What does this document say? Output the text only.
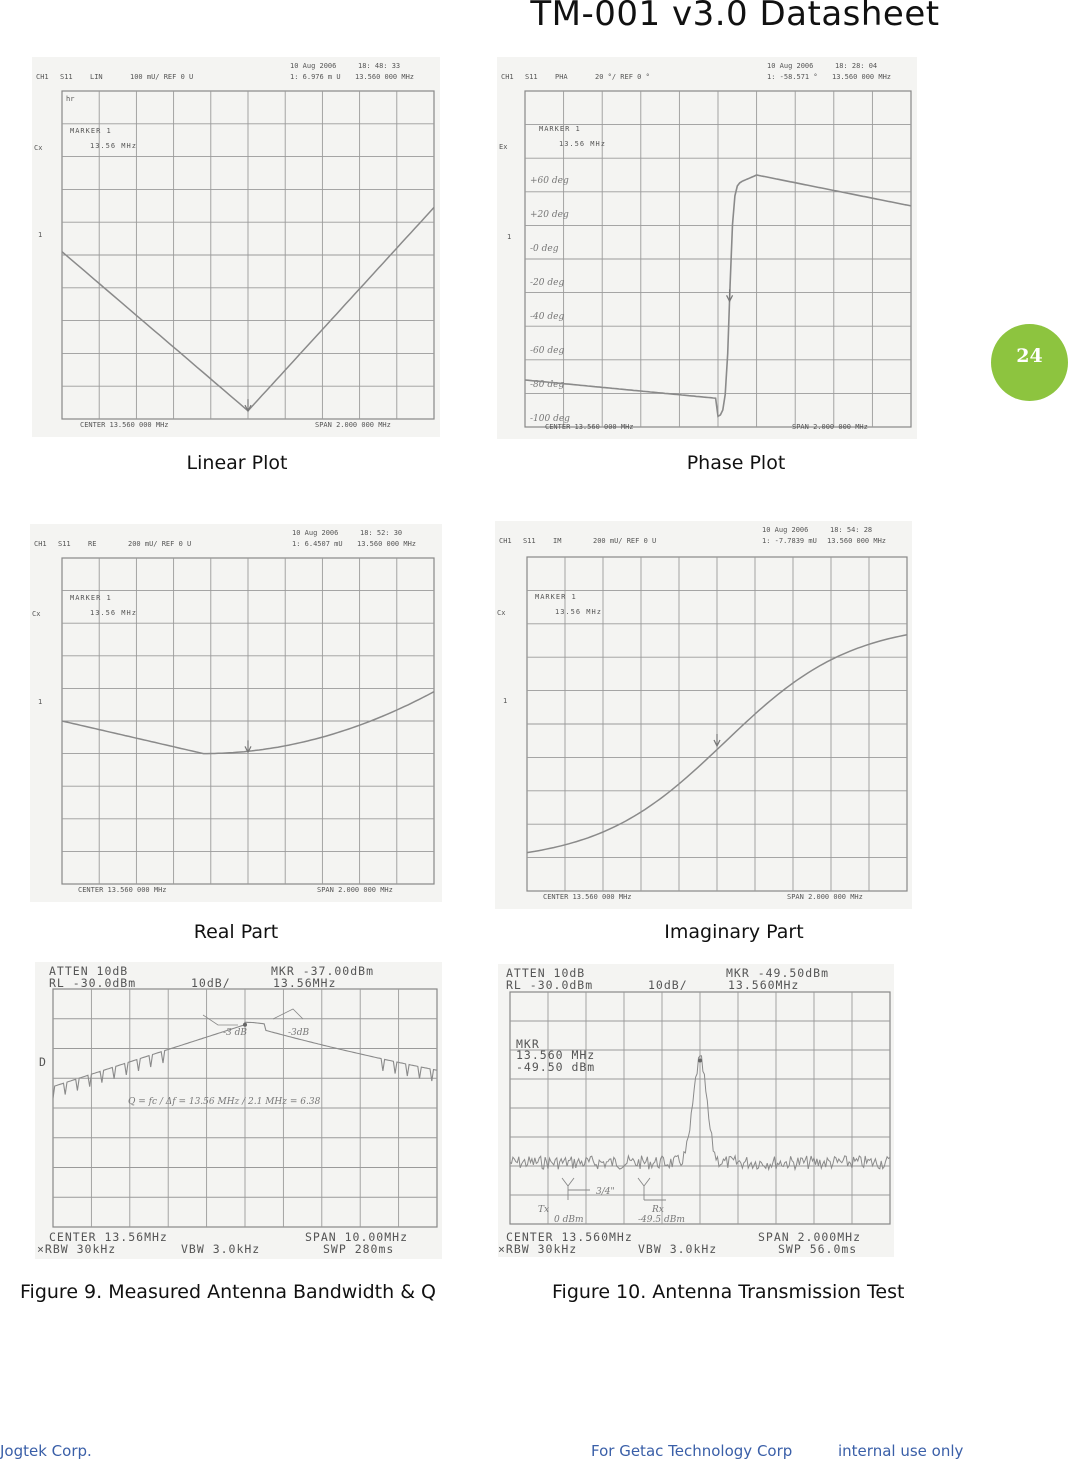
TM-001 v3.0 Datasheet
24
CH1 S11 LIN	100 mU/ REF 0 U
10 Aug 2006	18: 48: 33
1: 6.976 m U 13.560 000 MHz
MARKER 1
13.56 MHz
Cx
1
hr
CENTER 13.560 000 MHz	SPAN 2.000 000 MHz
Linear Plot
CH1 S11 PHA	20 °/ REF 0 °
10 Aug 2006	18: 28: 04
1: -58.571 ° 13.560 000 MHz
MARKER 1
13.56 MHz
Ex
1
+60 deg
+20 deg
-0 deg
-20 deg
-40 deg
-60 deg
-80 deg
-100 deg
CENTER 13.560 000 MHz	SPAN 2.000 000 MHz
Phase Plot
CH1 S11 RE	200 mU/ REF 0 U
10 Aug 2006	18: 52: 30
1: 6.4507 mU 13.560 000 MHz
MARKER 1
13.56 MHz
Cx
1
CENTER 13.560 000 MHz	SPAN 2.000 000 MHz
Real Part
CH1 S11 IM	200 mU/ REF 0 U
10 Aug 2006	18: 54: 28
1: -7.7839 mU 13.560 000 MHz
MARKER 1
13.56 MHz
Cx
1
CENTER 13.560 000 MHz	SPAN 2.000 000 MHz
Imaginary Part
ATTEN 10dB	MKR -37.00dBm
RL -30.0dBm	10dB/	13.56MHz
D
-3 dB	-3dB
Q = fc / Δf = 13.56 MHz / 2.1 MHz = 6.38
CENTER 13.56MHz	SPAN 10.00MHz
×RBW 30kHz	VBW 3.0kHz	SWP 280ms
Figure 9. Measured Antenna Bandwidth & Q
ATTEN 10dB	MKR -49.50dBm
RL -30.0dBm	10dB/	13.560MHz
MKR
13.560 MHz
-49.50 dBm
Tx
0 dBm
Rx
-49.5 dBm
3/4"
CENTER 13.560MHz	SPAN 2.000MHz
×RBW 30kHz	VBW 3.0kHz	SWP 56.0ms
Figure 10. Antenna Transmission Test
Jogtek Corp.	For Getac Technology Corp	internal use only
